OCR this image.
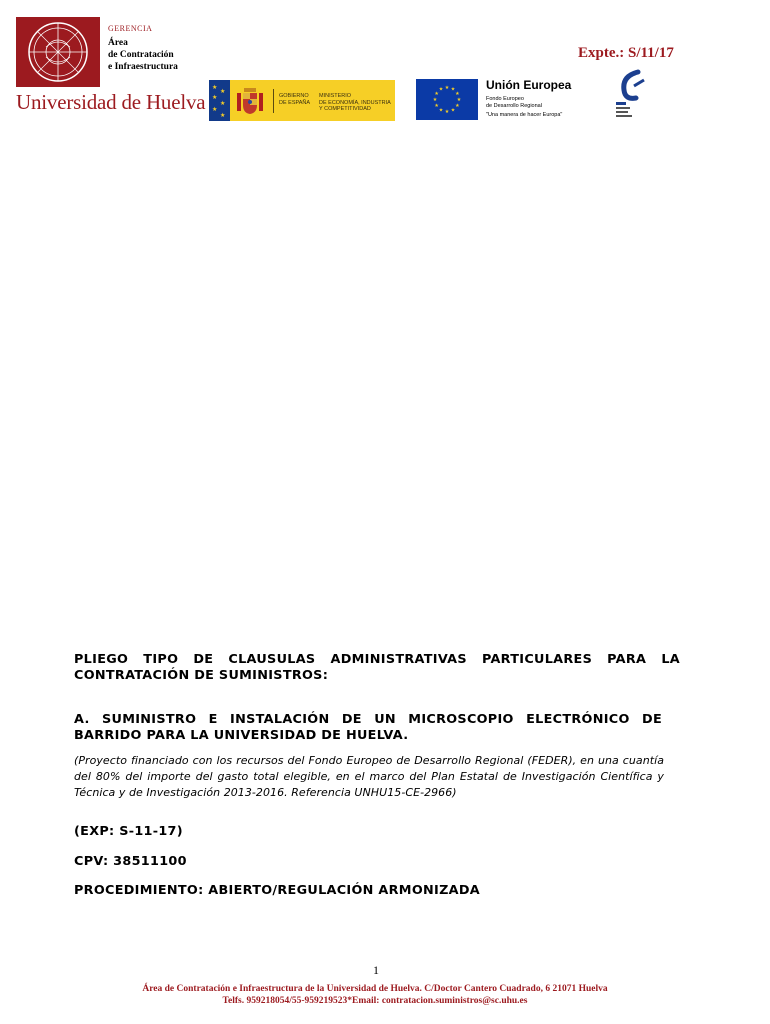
GERENCIA
Área
de Contratación
e Infraestructura
Universidad de Huelva
Expte.: S/11/17
★
★
★
★
★
★
GOBIERNO
DE ESPAÑA
MINISTERIO
DE ECONOMÍA, INDUSTRIA
Y COMPETITIVIDAD
★ ★
★
★
★
★
★
★
★
★
★
★	Unión Europea
Fondo Europeo
de Desarrollo Regional
"Una manera de hacer Europa"
PLIEGO TIPO DE CLAUSULAS ADMINISTRATIVAS PARTICULARES PARA LA CONTRATACIÓN DE SUMINISTROS:
A. SUMINISTRO E INSTALACIÓN DE UN MICROSCOPIO ELECTRÓNICO DE BARRIDO PARA LA UNIVERSIDAD DE HUELVA.
(Proyecto financiado con los recursos del Fondo Europeo de Desarrollo Regional (FEDER), en una cuantía del 80% del importe del gasto total elegible, en el marco del Plan Estatal de Investigación Científica y Técnica y de Investigación 2013-2016. Referencia UNHU15-CE-2966)
(EXP: S-11-17)
CPV: 38511100
PROCEDIMIENTO: ABIERTO/REGULACIÓN ARMONIZADA
1
Área de Contratación e Infraestructura de la Universidad de Huelva. C/Doctor Cantero Cuadrado, 6 21071 Huelva
Telfs. 959218054/55-959219523*Email: contratacion.suministros@sc.uhu.es
